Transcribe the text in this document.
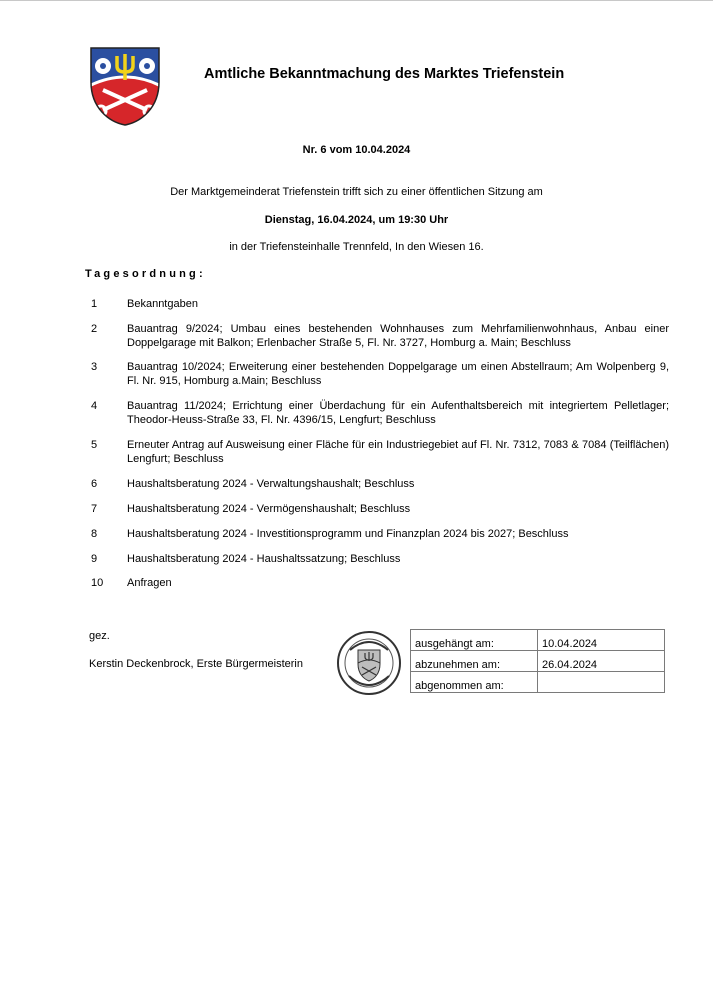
Amtliche Bekanntmachung des Marktes Triefenstein
Nr. 6 vom 10.04.2024
Der Marktgemeinderat Triefenstein trifft sich zu einer öffentlichen Sitzung am
Dienstag, 16.04.2024, um 19:30 Uhr
in der Triefensteinhalle Trennfeld, In den Wiesen 16.
Tagesordnung:
1	Bekanntgaben
2	Bauantrag 9/2024; Umbau eines bestehenden Wohnhauses zum Mehrfamilienwohnhaus, Anbau einer Doppelgarage mit Balkon; Erlenbacher Straße 5, Fl. Nr. 3727, Homburg a. Main; Beschluss
3	Bauantrag 10/2024; Erweiterung einer bestehenden Doppelgarage um einen Abstellraum; Am Wolpenberg 9, Fl. Nr. 915, Homburg a.Main; Beschluss
4	Bauantrag 11/2024; Errichtung einer Überdachung für ein Aufenthaltsbereich mit integriertem Pelletlager; Theodor-Heuss-Straße 33, Fl. Nr. 4396/15, Lengfurt; Beschluss
5	Erneuter Antrag auf Ausweisung einer Fläche für ein Industriegebiet auf Fl. Nr. 7312, 7083 & 7084 (Teilflächen) Lengfurt; Beschluss
6	Haushaltsberatung 2024 - Verwaltungshaushalt; Beschluss
7	Haushaltsberatung 2024 - Vermögenshaushalt; Beschluss
8	Haushaltsberatung 2024 - Investitionsprogramm und Finanzplan 2024 bis 2027; Beschluss
9	Haushaltsberatung 2024 - Haushaltssatzung; Beschluss
10 Anfragen
gez.
Kerstin Deckenbrock, Erste Bürgermeisterin
ausgehängt am:	10.04.2024
abzunehmen am:	26.04.2024
abgenommen am:	
